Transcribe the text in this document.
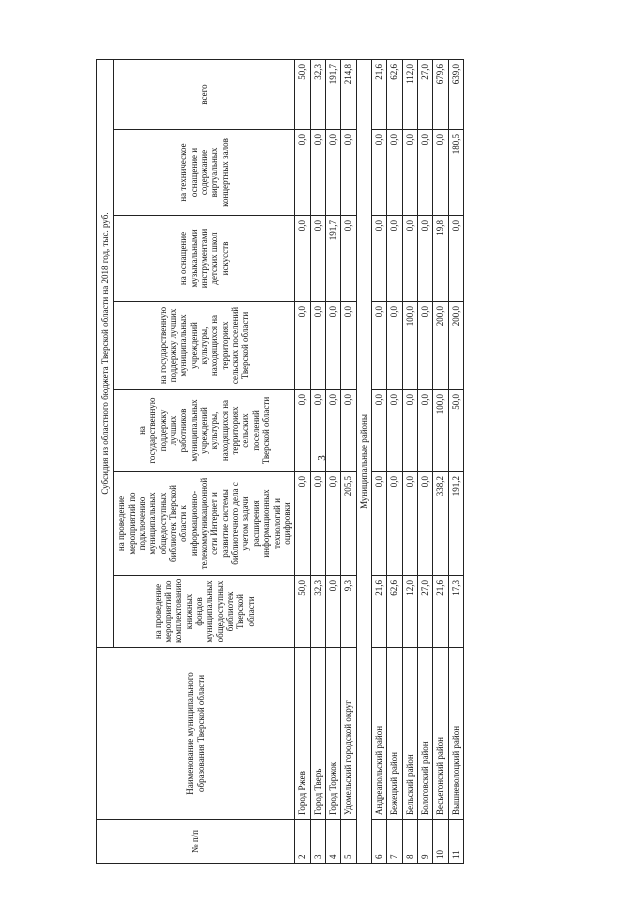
3
№ п/п	Наименование муниципального образования Тверской области	Субсидия из областного бюджета Тверской области на 2018 год, тыс. руб.						
		на проведение мероприятий по комплектованию книжных фондов муниципальных общедоступных библиотек Тверской области	на проведение мероприятий по подключению муниципальных общедоступных библиотек Тверской области к информационно-телекоммуникационной сети Интернет и развитие системы библиотечного дела с учетом задачи расширения информационных технологий и оцифровки	на государственную поддержку лучших работников муниципальных учреждений культуры, находящихся на территориях сельских поселений Тверской области	на государственную поддержку лучших муниципальных учреждений культуры, находящихся на территориях сельских поселений Тверской области	на оснащение музыкальными инструментами детских школ искусств	на техническое оснащение и содержание виртуальных концертных залов	всего
2	Город Ржев	50,0	0,0	0,0	0,0	0,0	0,0	50,0
3	Город Тверь	32,3	0,0	0,0	0,0	0,0	0,0	32,3
4	Город Торжок	0,0	0,0	0,0	0,0	191,7	0,0	191,7
5	Удомельский городской округ	9,3	205,5	0,0	0,0	0,0	0,0	214,8
Муниципальные районы								
6	Андреапольский район	21,6	0,0	0,0	0,0	0,0	0,0	21,6
7	Бежецкий район	62,6	0,0	0,0	0,0	0,0	0,0	62,6
8	Бельский район	12,0	0,0	0,0	100,0	0,0	0,0	112,0
9	Бологовский район	27,0	0,0	0,0	0,0	0,0	0,0	27,0
10	Весьегонский район	21,6	338,2	100,0	200,0	19,8	0,0	679,6
11	Вышневолоцкий район	17,3	191,2	50,0	200,0	0,0	180,5	639,0
